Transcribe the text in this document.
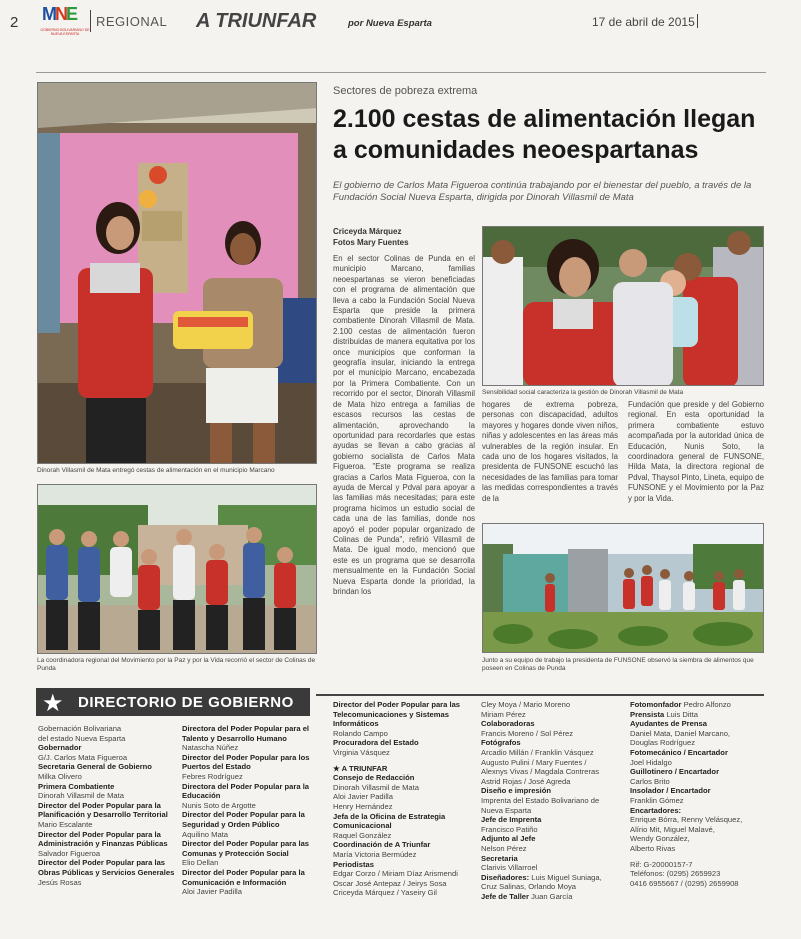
2 MNE
GOBIERNO BOLIVARIANO DE NUEVA ESPARTA
REGIONAL A TRIUNFAR	por Nueva Esparta	17 de abril de 2015
Dinorah Villasmil de Mata entregó cestas de alimentación en el municipio Marcano
La coordinadora regional del Movimiento por la Paz y por la Vida recorrió el sector de Colinas de Punda
Sectores de pobreza extrema
2.100 cestas de alimentación llegan a comunidades neoespartanas
El gobierno de Carlos Mata Figueroa continúa trabajando por el bienestar del pueblo, a través de la Fundación Social Nueva Esparta, dirigida por Dinorah Villasmil de Mata
Criceyda Márquez
Fotos Mary Fuentes

En el sector Colinas de Punda en el municipio Marcano, familias neoespartanas se vieron beneficiadas con el programa de alimentación que lleva a cabo la Fundación Social Nueva Esparta que preside la primera combatiente Dinorah Villasmil de Mata. 2.100 cestas de alimentación fueron distribuidas de manera equitativa por los once municipios que conforman la geografía insular, iniciando la entrega por el municipio Marcano, encabezada por la Primera Combatiente. Con un recorrido por el sector, Dinorah Villasmil de Mata hizo entrega a familias de escasos recursos las cestas de alimentación, aprovechando la oportunidad para recordarles que estas ayudas se llevan a cabo gracias al gobierno socialista de Carlos Mata Figueroa. "Este programa se realiza gracias a Carlos Mata Figueroa, con la ayuda de Mercal y Pdval para apoyar a las familias más necesitadas; para este programa hicimos un estudio social de cada una de las familias, donde nos apoyó el poder popular organizado de Colinas de Punda", refirió Villasmil de Mata. De igual modo, mencionó que este es un programa que se desarrolla mensualmente en la Fundación Social Nueva Esparta donde la prioridad, la brindan los

Sensibilidad social caracteriza la gestión de Dinorah Villasmil de Mata

hogares de extrema pobreza, personas con discapacidad, adultos mayores y hogares donde viven niños, niñas y adolescentes en las áreas más vulnerables de la región insular. En cada uno de los hogares visitados, la presidenta de FUNSONE escuchó las necesidades de las familias para tomar las medidas correspondientes a través de la

Fundación que preside y del Gobierno regional. En esta oportunidad la primera combatiente estuvo acompañada por la autoridad única de Educación, Nunis Soto, la coordinadora general de FUNSONE, Hilda Mata, la directora regional de Pdval, Thaysol Pinto, Lineta, equipo de FUNSONE y el Movimiento por la Paz y por la Vida.

Junto a su equipo de trabajo la presidenta de FUNSONE observó la siembra de alimentos que poseen en Colinas de Punda
★ DIRECTORIO DE GOBIERNO
Gobernación Bolivariana
del estado Nueva Esparta
Gobernador
G/J. Carlos Mata Figueroa
Secretaria General de Gobierno
Milka Olivero
Primera Combatiente
Dinorah Villasmil de Mata
Director del Poder Popular para la Planificación y Desarrollo Territorial
Mario Escalante
Director del Poder Popular para la Administración y Finanzas Públicas
Salvador Figueroa
Director del Poder Popular para las Obras Públicas y Servicios Generales
Jesús Rosas
Directora del Poder Popular para el Talento y Desarrollo Humano
Natascha Núñez
Director del Poder Popular para los Puertos del Estado
Febres Rodríguez
Directora del Poder Popular para la Educación
Nunis Soto de Argotte
Director del Poder Popular para la Seguridad y Orden Público
Aquilino Mata
Director del Poder Popular para las Comunas y Protección Social
Elio Dellan
Director del Poder Popular para la Comunicación e Información
Aloi Javier Padilla
Director del Poder Popular para las Telecomunicaciones y Sistemas Informáticos
Rolando Campo
Procuradora del Estado
Virginia Vásquez
★ A TRIUNFAR
Consejo de Redacción
Dinorah Villasmil de Mata
Aloi Javier Padilla
Henry Hernández
Jefa de la Oficina de Estrategia Comunicacional
Raquel González
Coordinación de A Triunfar
María Victoria Bermúdez
Periodistas
Edgar Corzo / Miriam Díaz Arismendi
Oscar José Antepaz / Jeirys Sosa
Criceyda Márquez / Yaseiry Gil
Cley Moya / Mario Moreno
Miriam Pérez
Colaboradoras
Francis Moreno / Sol Pérez
Fotógrafos
Arcadio Millán / Franklin Vásquez
Augusto Pulini / Mary Fuentes /
Alexnys Vivas / Magdala Contreras
Astrid Rojas / José Agreda
Diseño e impresión
Imprenta del Estado Bolivariano de
Nueva Esparta
Jefe de Imprenta
Francisco Patiño
Adjunto al Jefe
Nelson Pérez
Secretaria
Clarivis Villarroel
Diseñadores: Luis Miguel Suniaga,
Cruz Salinas, Orlando Moya
Jefe de Taller Juan García
Fotomonfador Pedro Alfonzo
Prensista Luis Ditta
Ayudantes de Prensa
Daniel Mata, Daniel Marcano,
Douglas Rodríguez
Fotomecánico / Encartador
Joel Hidalgo
Guillotinero / Encartador
Carlos Brito
Insolador / Encartador
Franklin Gómez
Encartadores:
Enrique Bórra, Renny Velásquez,
Alírio Mit, Miguel Malavé,
Wendy González,
Alberto Rivas
Rif: G-20000157-7
Teléfonos: (0295) 2659923
0416 6955667 / (0295) 2659908
